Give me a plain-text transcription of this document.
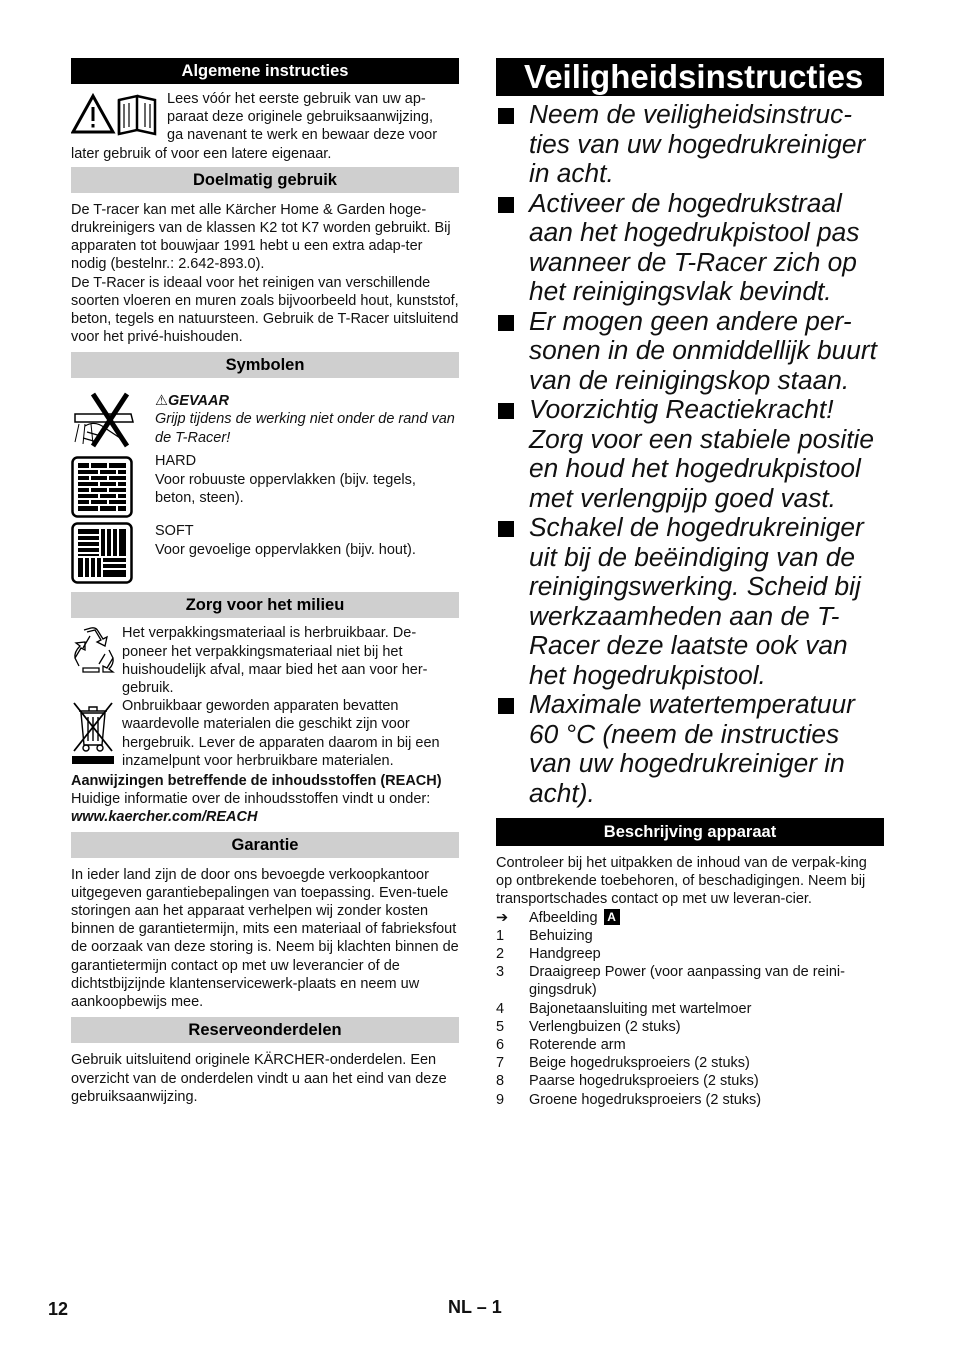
Algemene instructies

Lees vóór het eerste gebruik van uw ap-

paraat deze originele gebruiksaanwijzing,

ga navenant te werk en bewaar deze voor

later gebruik of voor een latere eigenaar.

Doelmatig gebruik

De T-racer kan met alle Kärcher Home & Garden hoge-drukreinigers van de klassen K2 tot K7 worden gebruikt. Bij apparaten tot bouwjaar 1991 hebt u een extra adap-ter nodig (bestelnr.: 2.642-893.0).

De T-Racer is ideaal voor het reinigen van verschillende soorten vloeren en muren zoals bijvoorbeeld hout, kunststof, beton, tegels en natuursteen. Gebruik de T-Racer uitsluitend voor het privé-huishouden.

Symbolen
⚠GEVAAR

Grijp tijdens de werking niet onder de rand van de T-Racer!

HARD

Voor robuuste oppervlakken (bijv. tegels, beton, steen).

SOFT

Voor gevoelige oppervlakken (bijv. hout).

Zorg voor het milieu

Het verpakkingsmateriaal is herbruikbaar. De-poneer het verpakkingsmateriaal niet bij het huishoudelijk afval, maar bied het aan voor her-gebruik.

Onbruikbaar geworden apparaten bevatten waardevolle materialen die geschikt zijn voor hergebruik. Lever de apparaten daarom in bij een inzamelpunt voor herbruikbare materialen.

Aanwijzingen betreffende de inhoudsstoffen (REACH)

Huidige informatie over de inhoudsstoffen vindt u onder:

www.kaercher.com/REACH

Garantie

In ieder land zijn de door ons bevoegde verkoopkantoor uitgegeven garantiebepalingen van toepassing. Even-tuele storingen aan het apparaat verhelpen wij zonder kosten binnen de garantietermijn, mits een materiaal of fabrieksfout de oorzaak van deze storing is. Neem bij klachten binnen de garantietermijn contact op met uw leverancier of de dichtstbijzijnde klantenservicewerk-plaats en neem uw aankoopbewijs mee.

Reserveonderdelen

Gebruik uitsluitend originele KÄRCHER-onderdelen. Een overzicht van de onderdelen vindt u aan het eind van deze gebruiksaanwijzing.

Veiligheidsinstructies
Neem de veiligheidsinstruc-ties van uw hogedrukreiniger in acht.
Activeer de hogedrukstraal aan het hogedrukpistool pas wanneer de T-Racer zich op het reinigingsvlak bevindt.
Er mogen geen andere per-sonen in de onmiddellijk buurt van de reinigingskop staan.
Voorzichtig Reactiekracht! Zorg voor een stabiele positie en houd het hogedrukpistool met verlengpijp goed vast.
Schakel de hogedrukreiniger uit bij de beëindiging van de reinigingswerking. Scheid bij werkzaamheden aan de T-Racer deze laatste ook van het hogedrukpistool.
Maximale watertemperatuur 60 °C (neem de instructies van uw hogedrukreiniger in acht).
Beschrijving apparaat

Controleer bij het uitpakken de inhoud van de verpak-king op ontbrekende toebehoren, of beschadigingen. Neem bij transportschades contact op met uw leveran-cier.

➔ Afbeelding A
1 Behuizing
2 Handgreep
3 Draaigreep Power (voor aanpassing van de reini-gingsdruk)
4 Bajonetaansluiting met wartelmoer
5 Verlengbuizen (2 stuks)
6 Roterende arm
7 Beige hogedruksproeiers (2 stuks)
8 Paarse hogedruksproeiers (2 stuks)
9 Groene hogedruksproeiers (2 stuks)
12	NL – 1
